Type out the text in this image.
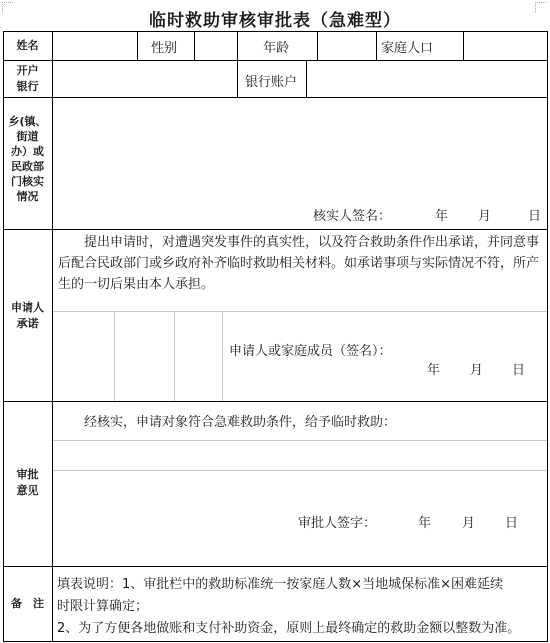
临时救助审核审批表（急难型）
姓名	性别	年龄	家庭人口
开户
银行	银行账户
乡(镇、
街道
办）或
民政部
门核实
情况
核实人签名：	年 月	日
申请人
承诺
提出申请时，对遭遇突发事件的真实性，以及符合救助条件作出承诺，并同意事后配合民政部门或乡政府补齐临时救助相关材料。如承诺事项与实际情况不符，所产生的一切后果由本人承担。
申请人或家庭成员（签名）：
年 月 日
审批
意见
经核实，申请对象符合急难救助条件，给予临时救助：
审批人签字：	年 月 日
备　注
填表说明：1、审批栏中的救助标准统一按家庭人数×当地城保标准×困难延续
时限计算确定；
2、为了方便各地做账和支付补助资金，原则上最终确定的救助金额以整数为准。
